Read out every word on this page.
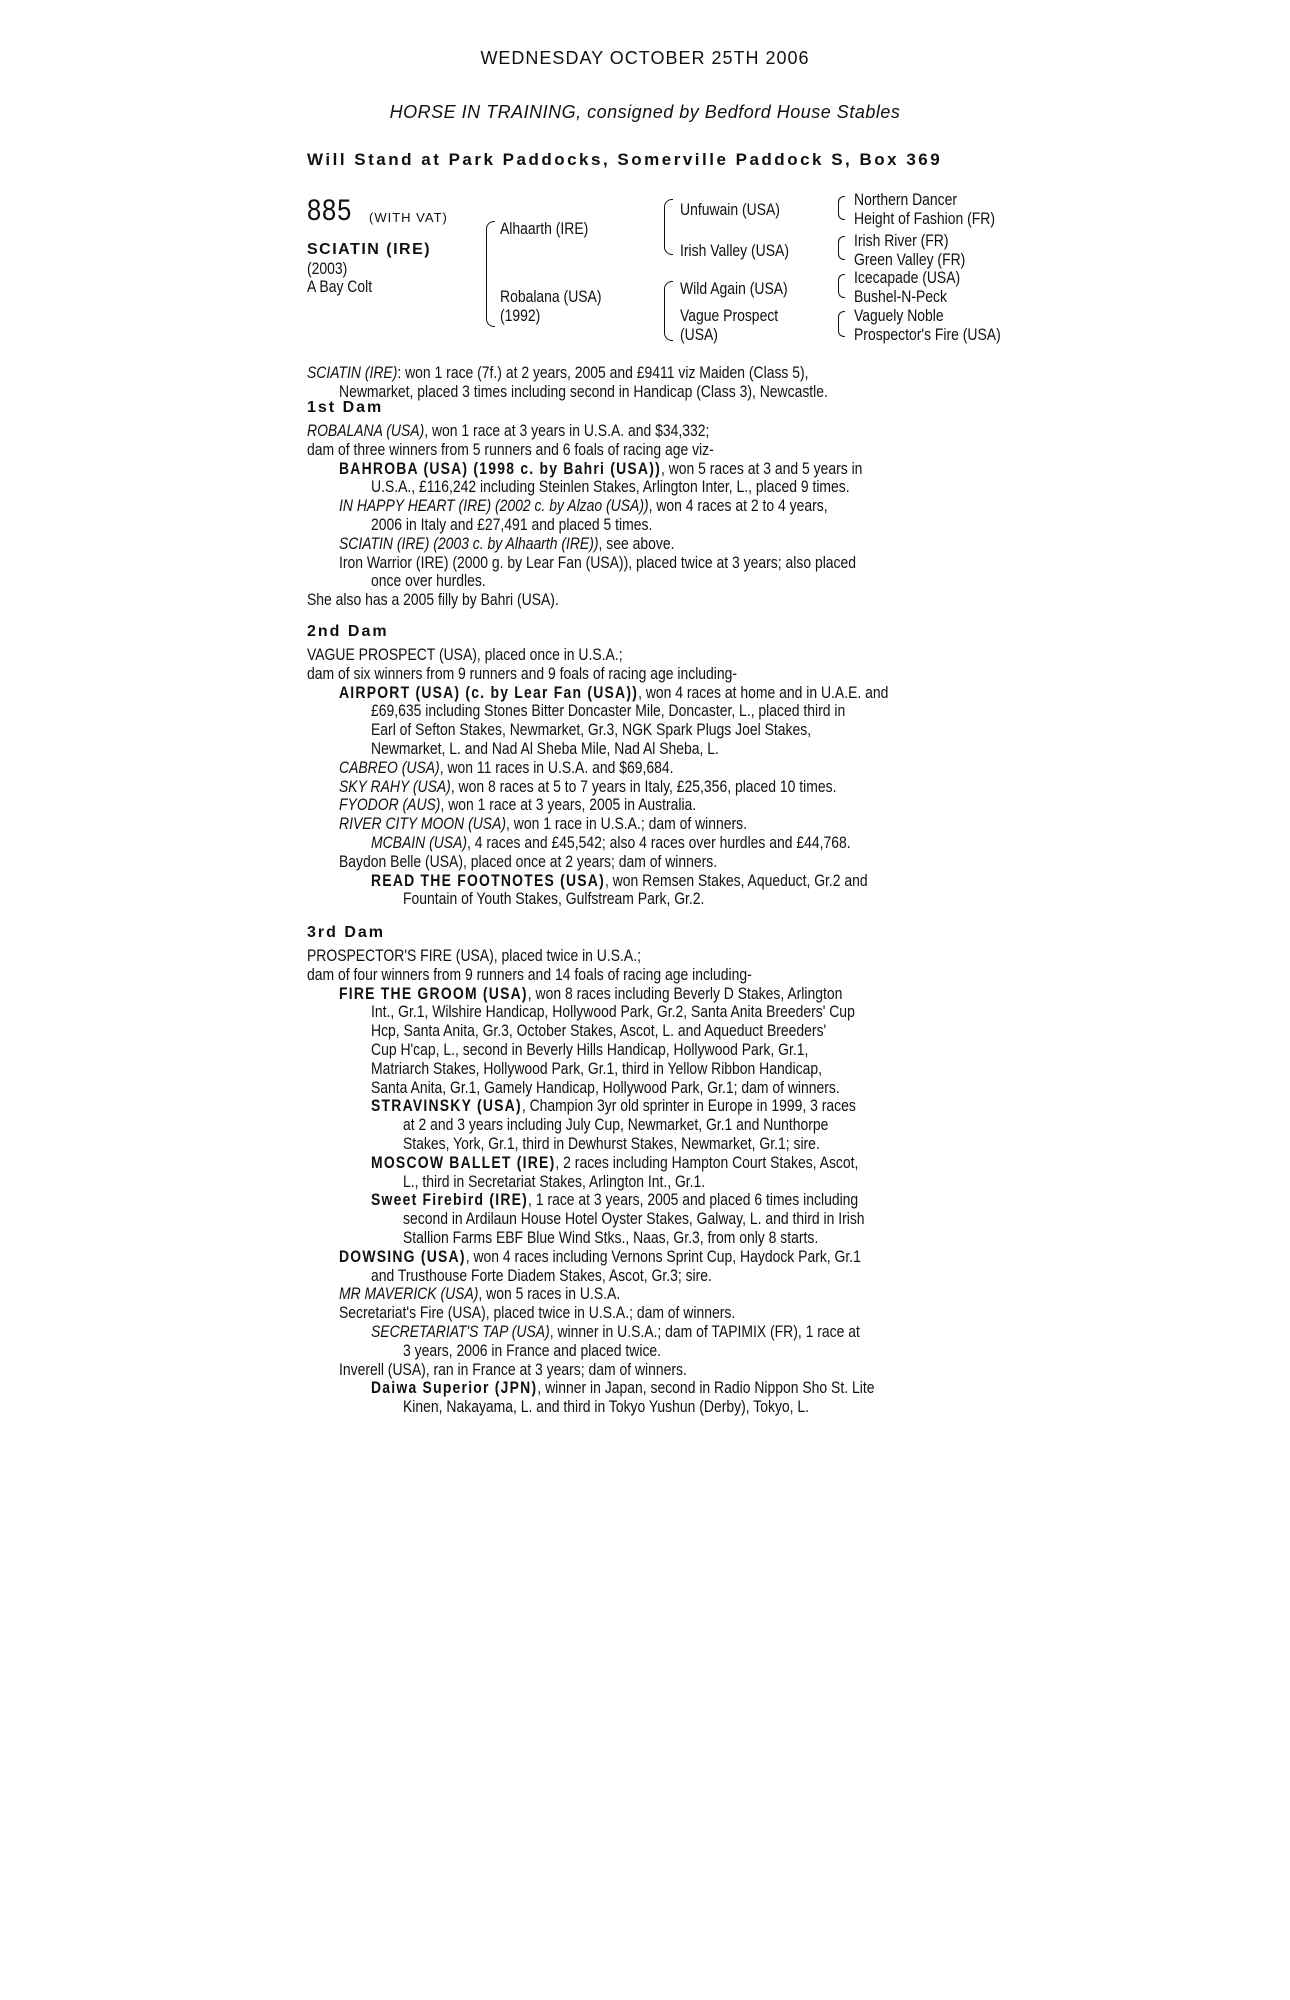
WEDNESDAY OCTOBER 25TH 2006
HORSE IN TRAINING, consigned by Bedford House Stables
Will Stand at Park Paddocks, Somerville Paddock S, Box 369
885 (WITH VAT)
SCIATIN (IRE)
(2003)
A Bay Colt
Alhaarth (IRE)
Robalana (USA)
(1992)
Unfuwain (USA)
Irish Valley (USA)
Wild Again (USA)
Vague Prospect
(USA)
Northern Dancer
Height of Fashion (FR)
Irish River (FR)
Green Valley (FR)
Icecapade (USA)
Bushel-N-Peck
Vaguely Noble
Prospector's Fire (USA)
SCIATIN (IRE): won 1 race (7f.) at 2 years, 2005 and £9411 viz Maiden (Class 5),
Newmarket, placed 3 times including second in Handicap (Class 3), Newcastle.
1st Dam
ROBALANA (USA), won 1 race at 3 years in U.S.A. and $34,332;
dam of three winners from 5 runners and 6 foals of racing age viz-
BAHROBA (USA) (1998 c. by Bahri (USA)), won 5 races at 3 and 5 years in
U.S.A., £116,242 including Steinlen Stakes, Arlington Inter, L., placed 9 times.
IN HAPPY HEART (IRE) (2002 c. by Alzao (USA)), won 4 races at 2 to 4 years,
2006 in Italy and £27,491 and placed 5 times.
SCIATIN (IRE) (2003 c. by Alhaarth (IRE)), see above.
Iron Warrior (IRE) (2000 g. by Lear Fan (USA)), placed twice at 3 years; also placed
once over hurdles.
She also has a 2005 filly by Bahri (USA).
2nd Dam
VAGUE PROSPECT (USA), placed once in U.S.A.;
dam of six winners from 9 runners and 9 foals of racing age including-
AIRPORT (USA) (c. by Lear Fan (USA)), won 4 races at home and in U.A.E. and
£69,635 including Stones Bitter Doncaster Mile, Doncaster, L., placed third in
Earl of Sefton Stakes, Newmarket, Gr.3, NGK Spark Plugs Joel Stakes,
Newmarket, L. and Nad Al Sheba Mile, Nad Al Sheba, L.
CABREO (USA), won 11 races in U.S.A. and $69,684.
SKY RAHY (USA), won 8 races at 5 to 7 years in Italy, £25,356, placed 10 times.
FYODOR (AUS), won 1 race at 3 years, 2005 in Australia.
RIVER CITY MOON (USA), won 1 race in U.S.A.; dam of winners.
MCBAIN (USA), 4 races and £45,542; also 4 races over hurdles and £44,768.
Baydon Belle (USA), placed once at 2 years; dam of winners.
READ THE FOOTNOTES (USA), won Remsen Stakes, Aqueduct, Gr.2 and
Fountain of Youth Stakes, Gulfstream Park, Gr.2.
3rd Dam
PROSPECTOR'S FIRE (USA), placed twice in U.S.A.;
dam of four winners from 9 runners and 14 foals of racing age including-
FIRE THE GROOM (USA), won 8 races including Beverly D Stakes, Arlington
Int., Gr.1, Wilshire Handicap, Hollywood Park, Gr.2, Santa Anita Breeders' Cup
Hcp, Santa Anita, Gr.3, October Stakes, Ascot, L. and Aqueduct Breeders'
Cup H'cap, L., second in Beverly Hills Handicap, Hollywood Park, Gr.1,
Matriarch Stakes, Hollywood Park, Gr.1, third in Yellow Ribbon Handicap,
Santa Anita, Gr.1, Gamely Handicap, Hollywood Park, Gr.1; dam of winners.
STRAVINSKY (USA), Champion 3yr old sprinter in Europe in 1999, 3 races
at 2 and 3 years including July Cup, Newmarket, Gr.1 and Nunthorpe
Stakes, York, Gr.1, third in Dewhurst Stakes, Newmarket, Gr.1; sire.
MOSCOW BALLET (IRE), 2 races including Hampton Court Stakes, Ascot,
L., third in Secretariat Stakes, Arlington Int., Gr.1.
Sweet Firebird (IRE), 1 race at 3 years, 2005 and placed 6 times including
second in Ardilaun House Hotel Oyster Stakes, Galway, L. and third in Irish
Stallion Farms EBF Blue Wind Stks., Naas, Gr.3, from only 8 starts.
DOWSING (USA), won 4 races including Vernons Sprint Cup, Haydock Park, Gr.1
and Trusthouse Forte Diadem Stakes, Ascot, Gr.3; sire.
MR MAVERICK (USA), won 5 races in U.S.A.
Secretariat's Fire (USA), placed twice in U.S.A.; dam of winners.
SECRETARIAT'S TAP (USA), winner in U.S.A.; dam of TAPIMIX (FR), 1 race at
3 years, 2006 in France and placed twice.
Inverell (USA), ran in France at 3 years; dam of winners.
Daiwa Superior (JPN), winner in Japan, second in Radio Nippon Sho St. Lite
Kinen, Nakayama, L. and third in Tokyo Yushun (Derby), Tokyo, L.
